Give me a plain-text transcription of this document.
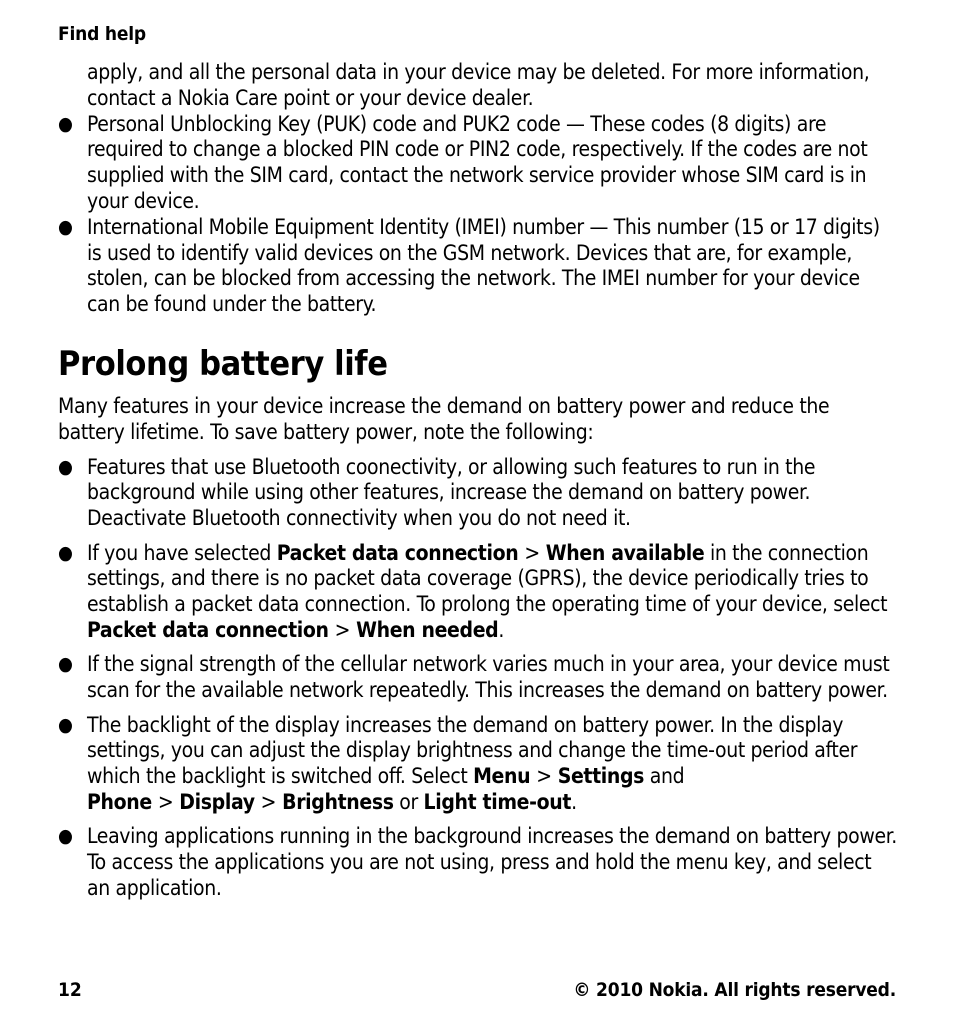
Find help

apply, and all the personal data in your device may be deleted. For more information, contact a Nokia Care point or your device dealer.

● Personal Unblocking Key (PUK) code and PUK2 code — These codes (8 digits) are required to change a blocked PIN code or PIN2 code, respectively. If the codes are not supplied with the SIM card, contact the network service provider whose SIM card is in your device.
● International Mobile Equipment Identity (IMEI) number — This number (15 or 17 digits) is used to identify valid devices on the GSM network. Devices that are, for example, stolen, can be blocked from accessing the network. The IMEI number for your device can be found under the battery.
Prolong battery life

Many features in your device increase the demand on battery power and reduce the battery lifetime. To save battery power, note the following:

● Features that use Bluetooth coonectivity, or allowing such features to run in the background while using other features, increase the demand on battery power. Deactivate Bluetooth connectivity when you do not need it.
● If you have selected Packet data connection > When available in the connection settings, and there is no packet data coverage (GPRS), the device periodically tries to establish a packet data connection. To prolong the operating time of your device, select Packet data connection > When needed.
● If the signal strength of the cellular network varies much in your area, your device must scan for the available network repeatedly. This increases the demand on battery power.
● The backlight of the display increases the demand on battery power. In the display settings, you can adjust the display brightness and change the time-out period after which the backlight is switched off. Select Menu > Settings and Phone > Display > Brightness or Light time-out.
● Leaving applications running in the background increases the demand on battery power. To access the applications you are not using, press and hold the menu key, and select an application.
12	© 2010 Nokia. All rights reserved.
